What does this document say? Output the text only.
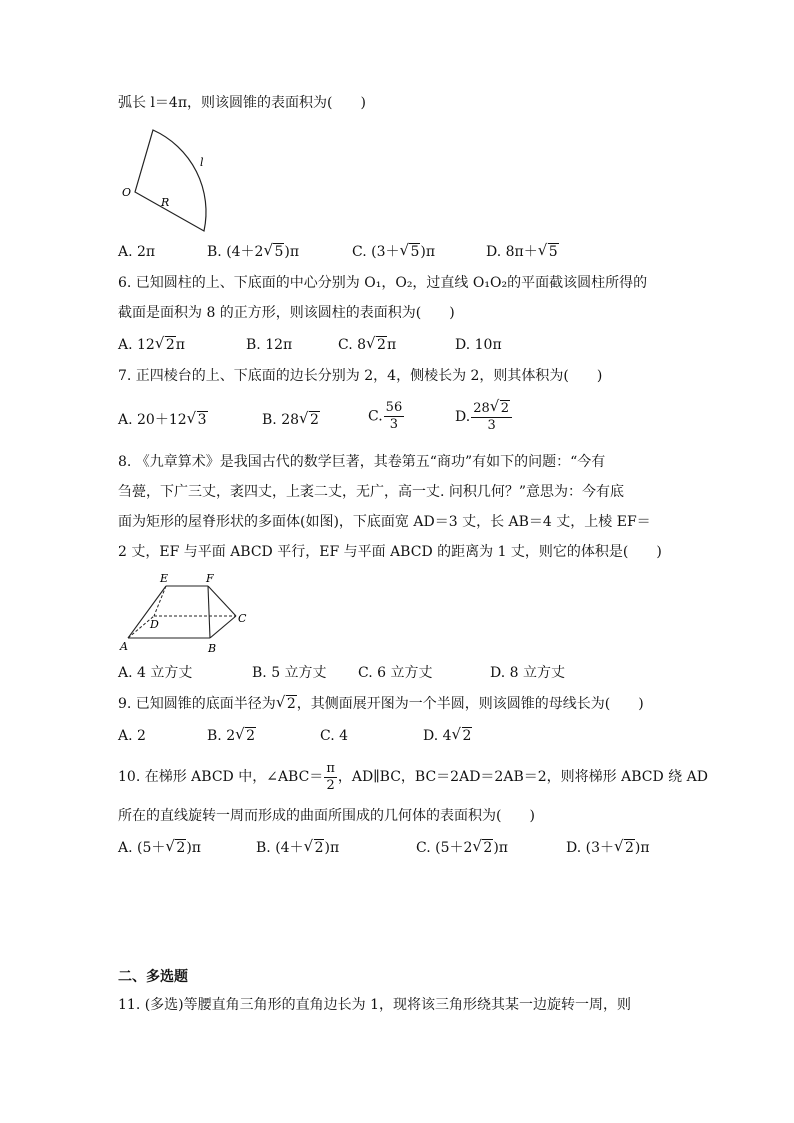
弧长 l＝4π，则该圆锥的表面积为(　　)
O
R
l
A. 2π	B. (4＋2 √ 5)π	C. (3＋ √ 5)π	D. 8π＋ √ 5
6. 已知圆柱的上、下底面的中心分别为 O₁，O₂，过直线 O₁O₂的平面截该圆柱所得的
截面是面积为 8 的正方形，则该圆柱的表面积为(　　)
A. 12 √ 2π	B. 12π	C. 8 √ 2π	D. 10π
7. 正四棱台的上、下底面的边长分别为 2，4，侧棱长为 2，则其体积为(　　)
A. 20＋12 √ 3	B. 28 √ 2	C. $\frac{56}{3}$	D. $\frac{28 √ 2}{3}$
8. 《九章算术》是我国古代的数学巨著，其卷第五“商功”有如下的问题：“今有
刍甍，下广三丈，袤四丈，上袤二丈，无广，高一丈. 问积几何？”意思为：今有底
面为矩形的屋脊形状的多面体(如图)，下底面宽 AD＝3 丈，长 AB＝4 丈，上棱 EF＝
2 丈，EF 与平面 ABCD 平行，EF 与平面 ABCD 的距离为 1 丈，则它的体积是(　　)
E	F
A	B
C
D
A. 4 立方丈	B. 5 立方丈 C. 6 立方丈	D. 8 立方丈
9. 已知圆锥的底面半径为 √ 2，其侧面展开图为一个半圆，则该圆锥的母线长为(　　)
A. 2	B. 2 √ 2	C. 4	D. 4 √ 2
10. 在梯形 ABCD 中，∠ABC＝ $\frac{\pi}{2}$ ，AD∥BC，BC＝2AD＝2AB＝2，则将梯形 ABCD 绕 AD
所在的直线旋转一周而形成的曲面所围成的几何体的表面积为(　　)
A. (5＋ √ 2)π	B. (4＋ √ 2)π	C. (5＋2 √ 2)π	D. (3＋ √ 2)π
二、多选题
11. (多选)等腰直角三角形的直角边长为 1，现将该三角形绕其某一边旋转一周，则
